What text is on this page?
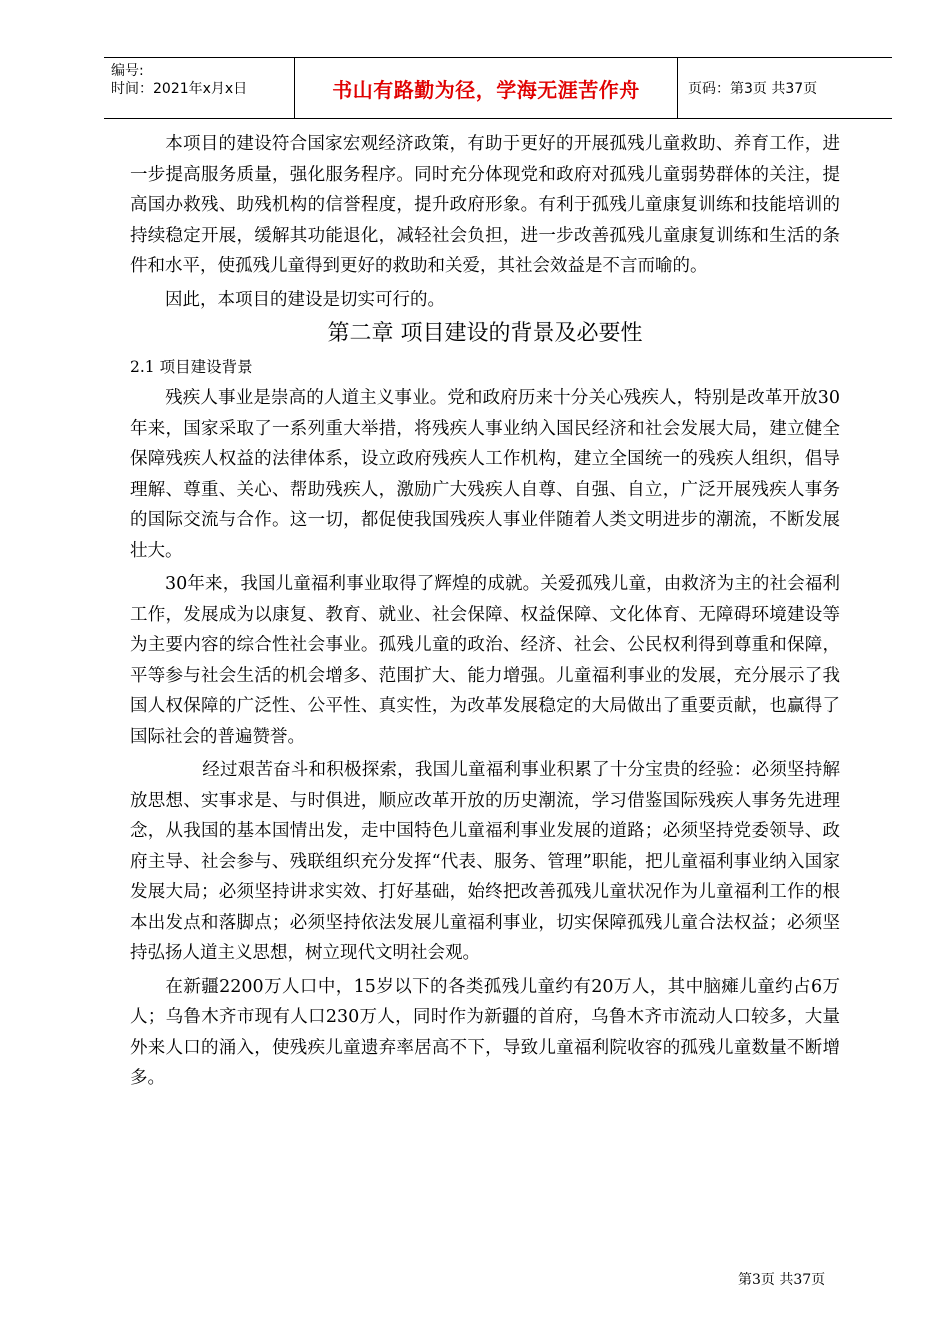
编号:
时间：2021年x月x日	书山有路勤为径，学海无涯苦作舟	页码：第3页 共37页

本项目的建设符合国家宏观经济政策，有助于更好的开展孤残儿童救助、养育工作，进一步提高服务质量，强化服务程序。同时充分体现党和政府对孤残儿童弱势群体的关注，提高国办救残、助残机构的信誉程度，提升政府形象。有利于孤残儿童康复训练和技能培训的持续稳定开展，缓解其功能退化，减轻社会负担，进一步改善孤残儿童康复训练和生活的条件和水平，使孤残儿童得到更好的救助和关爱，其社会效益是不言而喻的。

因此，本项目的建设是切实可行的。

第二章 项目建设的背景及必要性
2.1 项目建设背景

残疾人事业是崇高的人道主义事业。党和政府历来十分关心残疾人，特别是改革开放30年来，国家采取了一系列重大举措，将残疾人事业纳入国民经济和社会发展大局，建立健全保障残疾人权益的法律体系，设立政府残疾人工作机构，建立全国统一的残疾人组织，倡导理解、尊重、关心、帮助残疾人，激励广大残疾人自尊、自强、自立，广泛开展残疾人事务的国际交流与合作。这一切，都促使我国残疾人事业伴随着人类文明进步的潮流，不断发展壮大。

30年来，我国儿童福利事业取得了辉煌的成就。关爱孤残儿童，由救济为主的社会福利工作，发展成为以康复、教育、就业、社会保障、权益保障、文化体育、无障碍环境建设等为主要内容的综合性社会事业。孤残儿童的政治、经济、社会、公民权利得到尊重和保障，平等参与社会生活的机会增多、范围扩大、能力增强。儿童福利事业的发展，充分展示了我国人权保障的广泛性、公平性、真实性，为改革发展稳定的大局做出了重要贡献，也赢得了国际社会的普遍赞誉。

经过艰苦奋斗和积极探索，我国儿童福利事业积累了十分宝贵的经验：必须坚持解放思想、实事求是、与时俱进，顺应改革开放的历史潮流，学习借鉴国际残疾人事务先进理念，从我国的基本国情出发，走中国特色儿童福利事业发展的道路；必须坚持党委领导、政府主导、社会参与、残联组织充分发挥“代表、服务、管理”职能，把儿童福利事业纳入国家发展大局；必须坚持讲求实效、打好基础，始终把改善孤残儿童状况作为儿童福利工作的根本出发点和落脚点；必须坚持依法发展儿童福利事业，切实保障孤残儿童合法权益；必须坚持弘扬人道主义思想，树立现代文明社会观。

在新疆2200万人口中，15岁以下的各类孤残儿童约有20万人，其中脑瘫儿童约占6万人；乌鲁木齐市现有人口230万人，同时作为新疆的首府，乌鲁木齐市流动人口较多，大量外来人口的涌入，使残疾儿童遗弃率居高不下，导致儿童福利院收容的孤残儿童数量不断增多。

第3页 共37页
